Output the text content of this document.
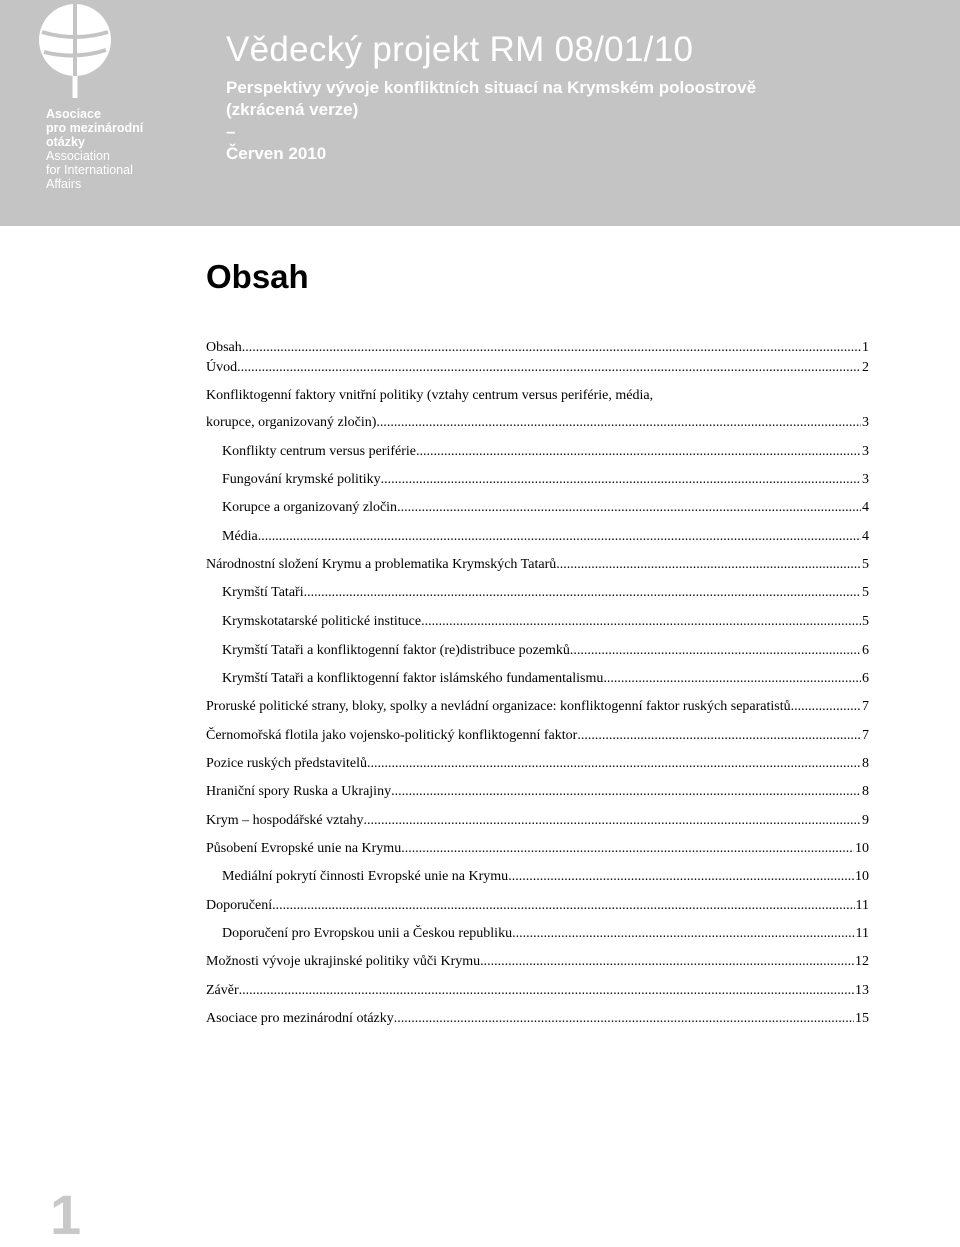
Asociace
pro mezinárodní
otázky
Association
for International
Affairs
Vědecký projekt RM 08/01/10
Perspektivy vývoje konfliktních situací na Krymském poloostrově
(zkrácená verze)
–
Červen 2010
Obsah
Obsah .....	1
Úvod .....	2
Konfliktogenní faktory vnitřní politiky (vztahy centrum versus periférie, média,
korupce, organizovaný zločin) .....	3
Konflikty centrum versus periférie .....	3
Fungování krymské politiky .....	3
Korupce a organizovaný zločin .....	4
Média .....	4
Národnostní složení Krymu a problematika Krymských Tatarů .....	5
Krymští Tataři .....	5
Krymskotatarské politické instituce .....	5
Krymští Tataři a konfliktogenní faktor (re)distribuce pozemků .....	6
Krymští Tataři a konfliktogenní faktor islámského fundamentalismu .....	6
Proruské politické strany, bloky, spolky a nevládní organizace: konfliktogenní faktor ruských separatistů .....	7
Černomořská flotila jako vojensko-politický konfliktogenní faktor .....	7
Pozice ruských představitelů .....	8
Hraniční spory Ruska a Ukrajiny .....	8
Krym – hospodářské vztahy .....	9
Působení Evropské unie na Krymu .....	10
Mediální pokrytí činnosti Evropské unie na Krymu .....	10
Doporučení .....	11
Doporučení pro Evropskou unii a Českou republiku .....	11
Možnosti vývoje ukrajinské politiky vůči Krymu .....	12
Závěr .....	13
Asociace pro mezinárodní otázky .....	15
1
